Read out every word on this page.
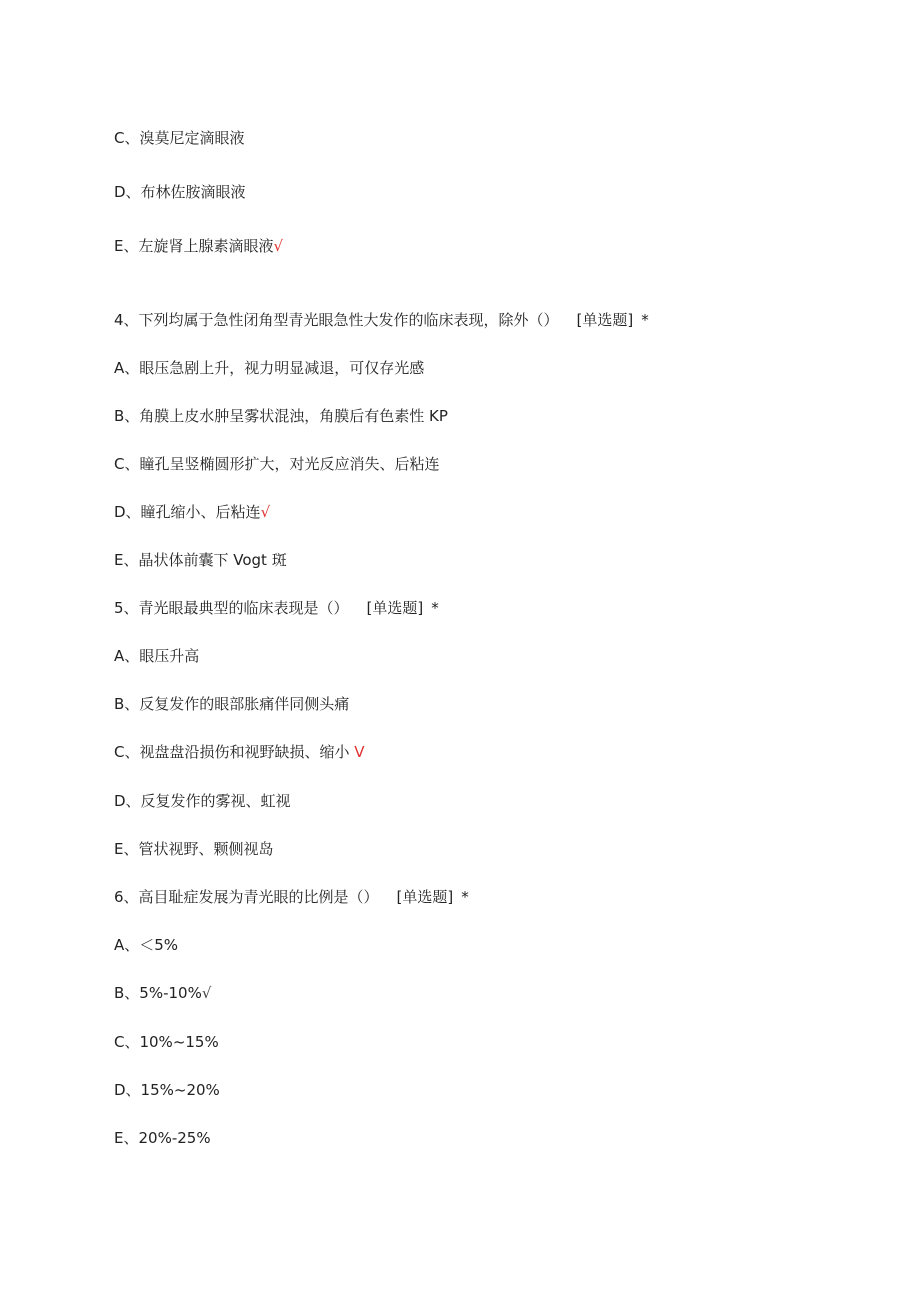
C、溴莫尼定滴眼液
D、布林佐胺滴眼液
E、左旋肾上腺素滴眼液√
4、下列均属于急性闭角型青光眼急性大发作的临床表现，除外（） [单选题] *
A、眼压急剧上升，视力明显减退，可仅存光感
B、角膜上皮水肿呈雾状混浊，角膜后有色素性 KP
C、瞳孔呈竖椭圆形扩大，对光反应消失、后粘连
D、瞳孔缩小、后粘连√
E、晶状体前囊下 Vogt 斑
5、青光眼最典型的临床表现是（） [单选题] *
A、眼压升高
B、反复发作的眼部胀痛伴同侧头痛
C、视盘盘沿损伤和视野缺损、缩小 V
D、反复发作的雾视、虹视
E、管状视野、颗侧视岛
6、高目耻症发展为青光眼的比例是（） [单选题] *
A、＜5%
B、5%-10%√
C、10%~15%
D、15%~20%
E、20%-25%
